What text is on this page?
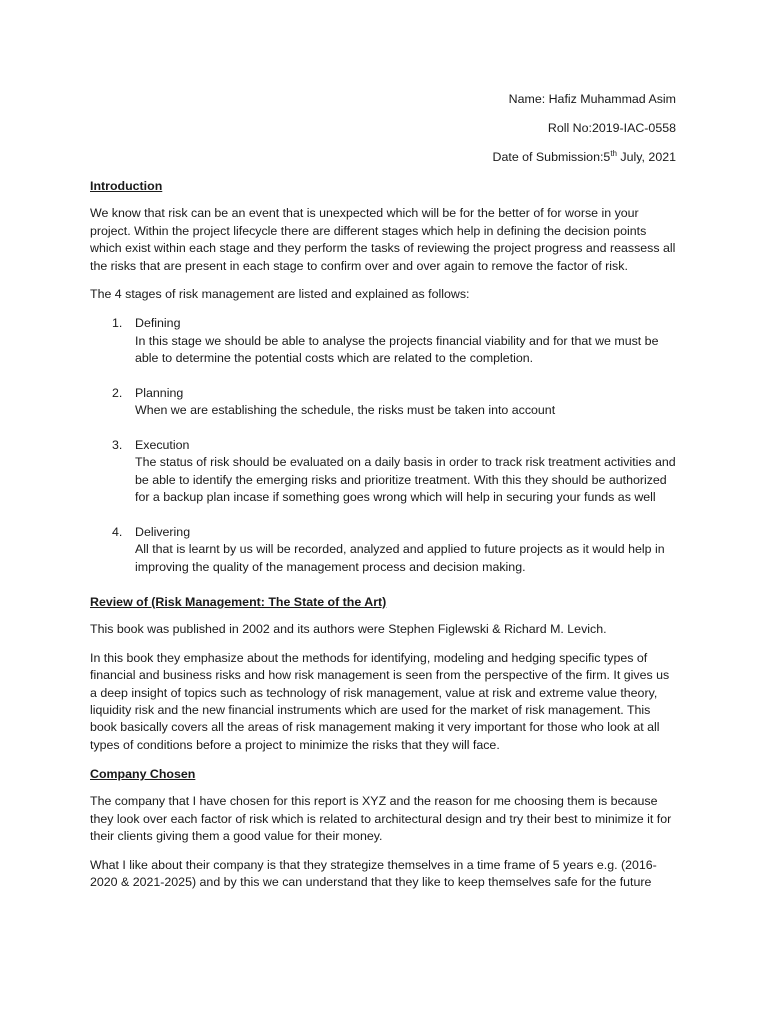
Name: Hafiz Muhammad Asim
Roll No:2019-IAC-0558
Date of Submission:5th July, 2021
Introduction

We know that risk can be an event that is unexpected which will be for the better of for worse in your project. Within the project lifecycle there are different stages which help in defining the decision points which exist within each stage and they perform the tasks of reviewing the project progress and reassess all the risks that are present in each stage to confirm over and over again to remove the factor of risk.

The 4 stages of risk management are listed and explained as follows:

1. Defining
In this stage we should be able to analyse the projects financial viability and for that we must be able to determine the potential costs which are related to the completion.
2. Planning
When we are establishing the schedule, the risks must be taken into account
3. Execution
The status of risk should be evaluated on a daily basis in order to track risk treatment activities and be able to identify the emerging risks and prioritize treatment. With this they should be authorized for a backup plan incase if something goes wrong which will help in securing your funds as well
4. Delivering
All that is learnt by us will be recorded, analyzed and applied to future projects as it would help in improving the quality of the management process and decision making.
Review of (Risk Management: The State of the Art)

This book was published in 2002 and its authors were Stephen Figlewski & Richard M. Levich.

In this book they emphasize about the methods for identifying, modeling and hedging specific types of financial and business risks and how risk management is seen from the perspective of the firm. It gives us a deep insight of topics such as technology of risk management, value at risk and extreme value theory, liquidity risk and the new financial instruments which are used for the market of risk management. This book basically covers all the areas of risk management making it very important for those who look at all types of conditions before a project to minimize the risks that they will face.

Company Chosen

The company that I have chosen for this report is XYZ and the reason for me choosing them is because they look over each factor of risk which is related to architectural design and try their best to minimize it for their clients giving them a good value for their money.

What I like about their company is that they strategize themselves in a time frame of 5 years e.g. (2016-2020 & 2021-2025) and by this we can understand that they like to keep themselves safe for the future
